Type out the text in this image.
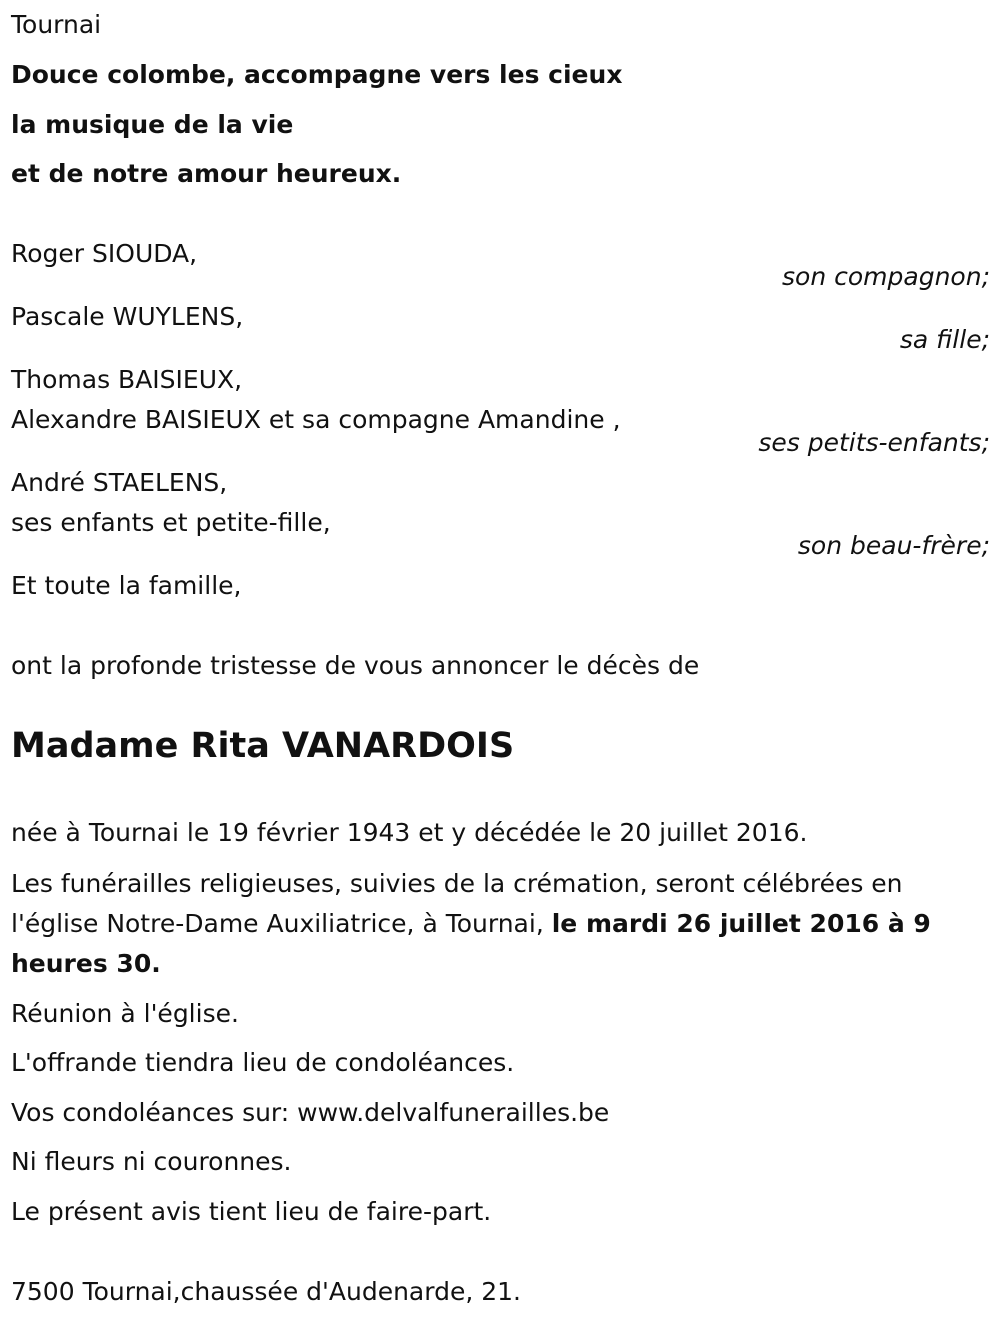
Tournai
Douce colombe, accompagne vers les cieux
la musique de la vie
et de notre amour heureux.
Roger SIOUDA,
son compagnon;
Pascale WUYLENS,
sa fille;
Thomas BAISIEUX,
Alexandre BAISIEUX et sa compagne Amandine ,
ses petits-enfants;
André STAELENS,
ses enfants et petite-fille,
son beau-frère;
Et toute la famille,
ont la profonde tristesse de vous annoncer le décès de
Madame Rita VANARDOIS
née à Tournai le 19 février 1943 et y décédée le 20 juillet 2016.
Les funérailles religieuses, suivies de la crémation, seront célébrées en l'église Notre-Dame Auxiliatrice, à Tournai, le mardi 26 juillet 2016 à 9 heures 30.
Réunion à l'église.
L'offrande tiendra lieu de condoléances.
Vos condoléances sur: www.delvalfunerailles.be
Ni fleurs ni couronnes.
Le présent avis tient lieu de faire-part.
7500 Tournai,chaussée d'Audenarde, 21.
